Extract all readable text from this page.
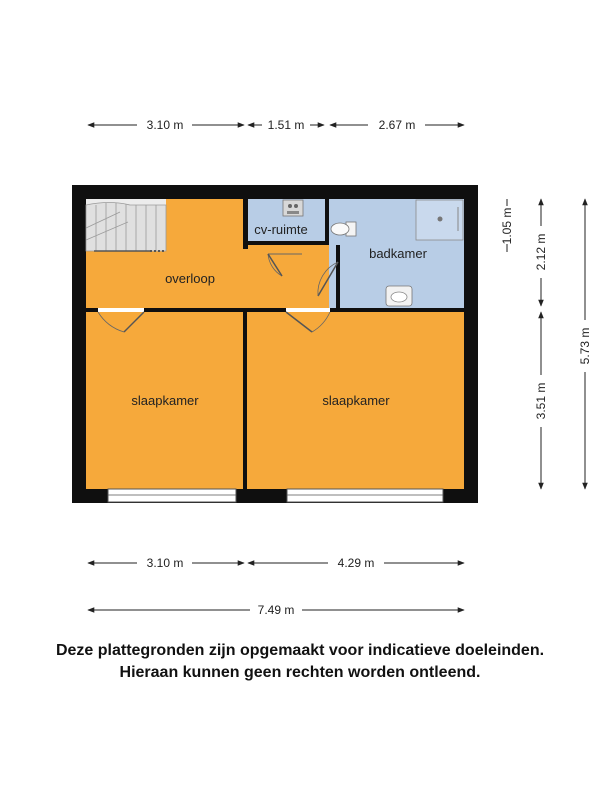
3.10 m	1.51 m	2.67 m
cv-ruimte
badkamer
overloop
slaapkamer	slaapkamer
1.05 m
2.12 m
3.51 m
5.73 m
3.10 m	4.29 m
7.49 m
Deze plattegronden zijn opgemaakt voor indicatieve doeleinden.
Hieraan kunnen geen rechten worden ontleend.
